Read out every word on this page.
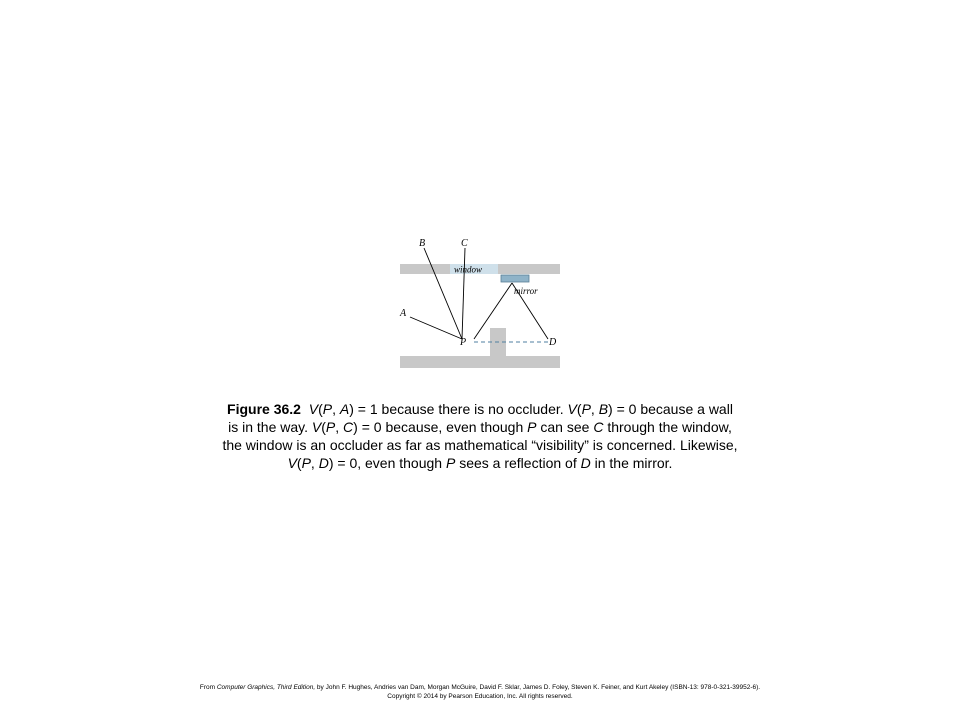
B	C
window
mirror
A
P	D
Figure 36.2 V(P, A) = 1 because there is no occluder. V(P, B) = 0 because a wall
is in the way. V(P, C) = 0 because, even though P can see C through the window,
the window is an occluder as far as mathematical “visibility” is concerned. Likewise,
V(P, D) = 0, even though P sees a reflection of D in the mirror.
From Computer Graphics, Third Edition, by John F. Hughes, Andries van Dam, Morgan McGuire, David F. Sklar, James D. Foley, Steven K. Feiner, and Kurt Akeley (ISBN-13: 978-0-321-39952-6).
Copyright © 2014 by Pearson Education, Inc. All rights reserved.
